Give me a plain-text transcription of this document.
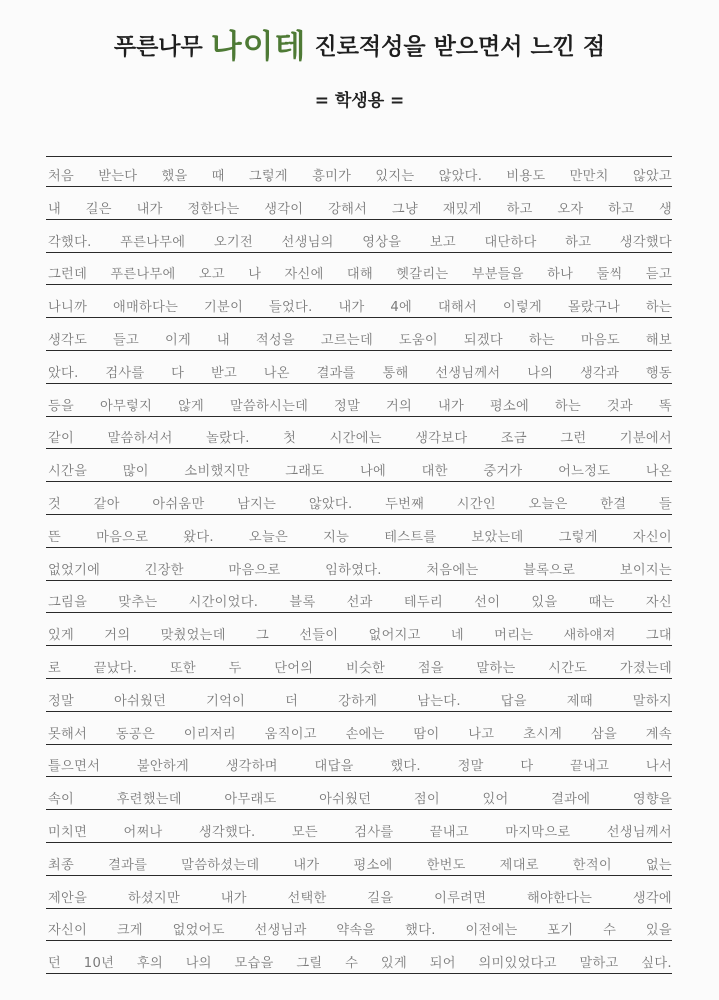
푸른나무 나이테 진로적성을 받으면서 느낀 점
= 학생용 =
처음 받는다 했을 때 그렇게 흥미가 있지는 않았다. 비용도 만만치 않았고
내 길은 내가 정한다는 생각이 강해서 그냥 재밌게 하고 오자 하고 생
각했다. 푸른나무에 오기전 선생님의 영상을 보고 대단하다 하고 생각했다
그런데 푸른나무에 오고 나 자신에 대해 헷갈리는 부분들을 하나 둘씩 듣고
나니까 애매하다는 기분이 들었다. 내가 4에 대해서 이렇게 몰랐구나 하는
생각도 들고 이게 내 적성을 고르는데 도움이 되겠다 하는 마음도 해보
았다. 검사를 다 받고 나온 결과를 통해 선생님께서 나의 생각과 행동
등을 아무렇지 않게 말씀하시는데 정말 거의 내가 평소에 하는 것과 똑
같이	말씀하셔서	놀랐다.	첫	시간에는	생각보다	조금	그런	기분에서
시간을	많이	소비했지만	그래도	나에	대한	중거가	어느정도	나온
것 같아 아쉬움만 남지는 않았다. 두번째 시간인 오늘은 한결 들
뜬	마음으로	왔다.	오늘은	지능	테스트를	보았는데	그렇게	자신이
없었기에	긴장한	마음으로	임하였다.	처음에는	블록으로	보이지는
그림을 맞추는 시간이었다. 블록 선과 테두리 선이 있을 때는 자신
있게 거의 맞췄었는데 그 선들이 없어지고 네 머리는 새하얘져 그대
로 끝났다. 또한 두 단어의 비슷한 점을 말하는 시간도 가졌는데
정말	아쉬웠던	기억이	더	강하게	남는다.	답을	제때	말하지
못해서 동공은 이리저리 움직이고 손에는 땀이 나고 초시계 삼을 계속
틀으면서	불안하게	생각하며	대답을	했다.	정말	다	끝내고	나서
속이	후련했는데	아무래도	아쉬웠던	점이	있어	결과에	영향을
미치면	어쩌나	생각했다.	모든	검사를	끝내고	마지막으로	선생님께서
최종	결과를	말씀하셨는데	내가	평소에	한번도	제대로	한적이	없는
제안을	하셨지만	내가	선택한	길을	이루려면	해야한다는	생각에
자신이 크게 없었어도 선생님과 약속을 했다. 이전에는 포기 수 있을
던 10년 후의 나의 모습을 그릴 수 있게 되어 의미있었다고 말하고 싶다.
